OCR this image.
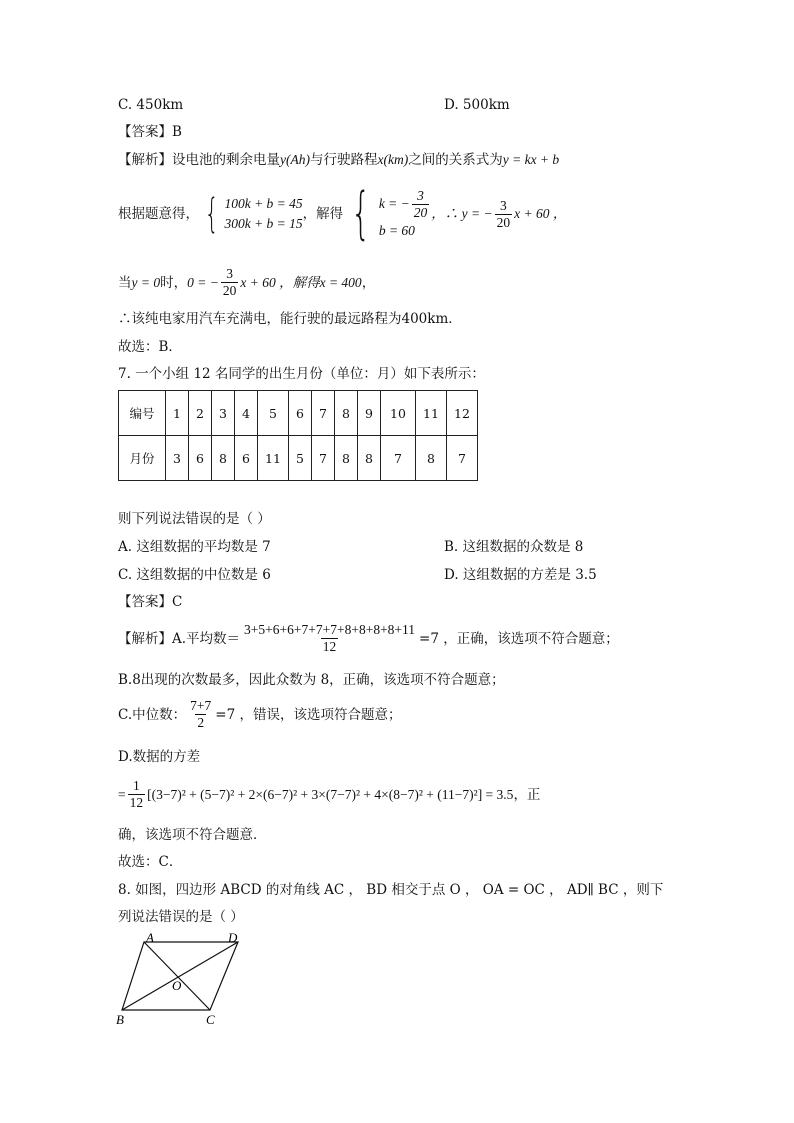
C. 450km	D. 500km
【答案】B
【解析】设电池的剩余电量y(Ah)与行驶路程x(km)之间的关系式为y = kx + b
根据题意得， { 100k + b = 45
300k + b = 15
，解得 { k = − $\frac{3}{20}$
b = 60
，∴ y = − $\frac{3}{20}$ x + 60 ，
当 y = 0 时， 0 = − $\frac{3}{20}$ x + 60 ，解得 x = 400 ，
∴该纯电家用汽车充满电，能行驶的最远路程为400km．
故选：B．
7. 一个小组 12 名同学的出生月份（单位：月）如下表所示：
编号	1	2	3	4	5	6	7	8	9	10	11	12
月份	3	6	8	6	11	5	7	8	8	7	8	7
则下列说法错误的是（ ）
A. 这组数据的平均数是 7	B. 这组数据的众数是 8
C. 这组数据的中位数是 6	D. 这组数据的方差是 3.5
【答案】C
【解析】 A.平均数＝ $\frac{3+5+6+6+7+7+7+8+8+8+8+11}{12} =7$ ，正确，该选项不符合题意；
B.8出现的次数最多，因此众数为 8，正确，该选项不符合题意；
C.中位数： $\frac{7+7}{2} =7$ ，错误，该选项符合题意；
D.数据的方差
= $\frac{1}{12} [(3-7)^2 + (5-7)^2 + 2\times(6-7)^2 + 3\times(7-7)^2 + 4\times(8-7)^2 + (11-7)^2] = 3.5$ ，正
确，该选项不符合题意．
故选：C．
8. 如图，四边形 ABCD 的对角线 AC ， BD 相交于点 O ， OA = OC ， AD∥ BC ，则下
列说法错误的是（ ）
A	D
B	C
O
